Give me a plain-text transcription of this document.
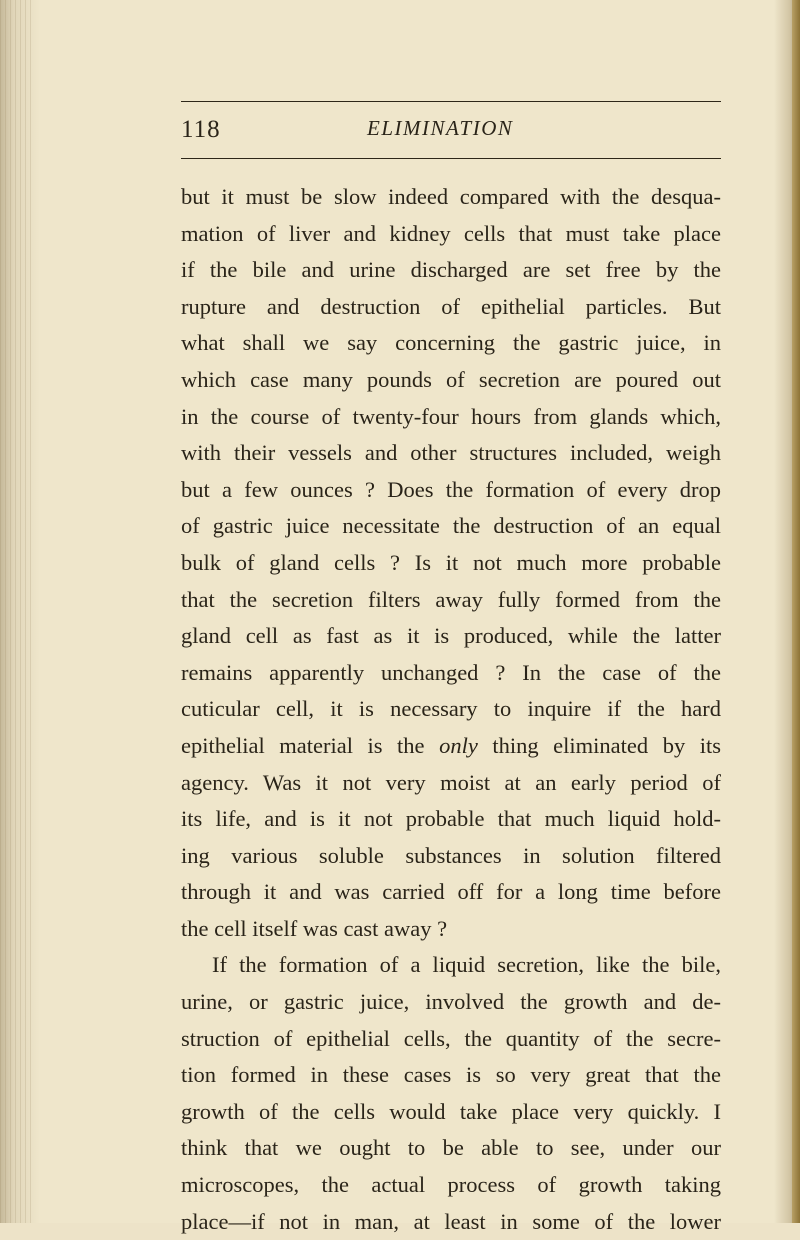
118	ELIMINATION
but it must be slow indeed compared with the desqua-
mation of liver and kidney cells that must take place
if the bile and urine discharged are set free by the
rupture and destruction of epithelial particles. But
what shall we say concerning the gastric juice, in
which case many pounds of secretion are poured out
in the course of twenty-four hours from glands which,
with their vessels and other structures included, weigh
but a few ounces ? Does the formation of every drop
of gastric juice necessitate the destruction of an equal
bulk of gland cells ? Is it not much more probable
that the secretion filters away fully formed from the
gland cell as fast as it is produced, while the latter
remains apparently unchanged ? In the case of the
cuticular cell, it is necessary to inquire if the hard
epithelial material is the only thing eliminated by its
agency. Was it not very moist at an early period of
its life, and is it not probable that much liquid hold-
ing various soluble substances in solution filtered
through it and was carried off for a long time before
the cell itself was cast away ?
If the formation of a liquid secretion, like the bile,
urine, or gastric juice, involved the growth and de-
struction of epithelial cells, the quantity of the secre-
tion formed in these cases is so very great that the
growth of the cells would take place very quickly. I
think that we ought to be able to see, under our
microscopes, the actual process of growth taking
place—if not in man, at least in some of the lower
